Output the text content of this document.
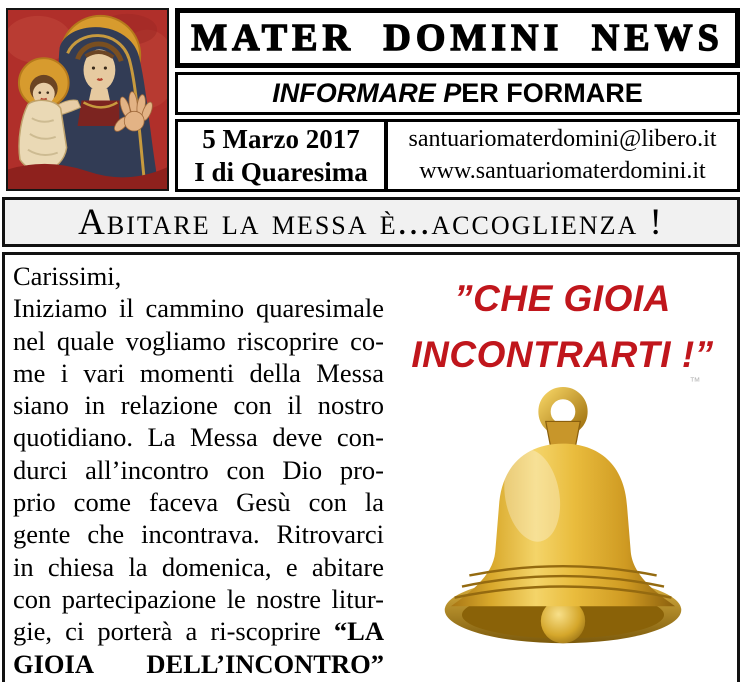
MATER DOMINI NEWS
INFORMARE P ER FORMARE
5 Marzo 2017
I di Quaresima
santuariomaterdomini@libero.it
www.santuariomaterdomini.it
Abitare la messa è...accoglienza !
Carissimi,
Iniziamo il cammino quaresimale
nel quale vogliamo riscoprire co-
me i vari momenti della Messa
siano in relazione con il nostro
quotidiano. La Messa deve con-
durci all’incontro con Dio pro-
prio come faceva Gesù con la
gente che incontrava. Ritrovarci
in chiesa la domenica, e abitare
con partecipazione le nostre litur-
gie, ci porterà a ri-scoprire “LA
GIOIA DELL’INCONTRO”
”CHE GIOIA
INCONTRARTI !”
™
